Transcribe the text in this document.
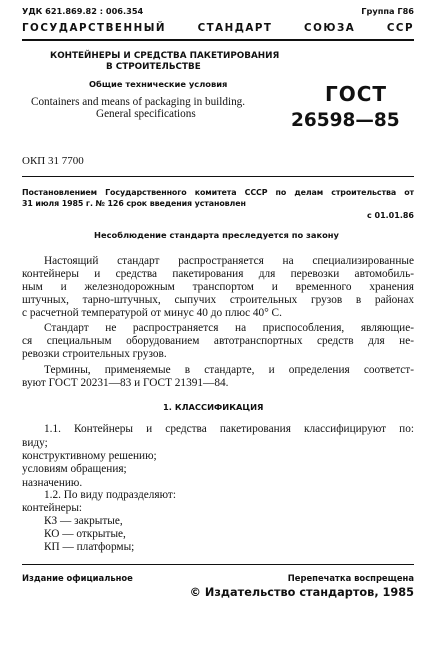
УДК 621.869.82 : 006.354	Группа Г86
ГОСУДАРСТВЕННЫЙ СТАНДАРТ СОЮЗА ССР
КОНТЕЙНЕРЫ И СРЕДСТВА ПАКЕТИРОВАНИЯ
В СТРОИТЕЛЬСТВЕ
Общие технические условия
Containers and means of packaging in building.
General specifications
ГОСТ
26598—85
ОКП 31 7700
Постановлением Государственного комитета СССР по делам строительства от
31 июля 1985 г. № 126 срок введения установлен
с 01.01.86
Несоблюдение стандарта преследуется по закону
Настоящий стандарт распространяется на специализированные
контейнеры и средства пакетирования для перевозки автомобиль-
ным и железнодорожным транспортом и временного хранения
штучных, тарно-штучных, сыпучих строительных грузов в районах
с расчетной температурой от минус 40 до плюс 40° С.
Стандарт не распространяется на приспособления, являющие-
ся специальным оборудованием автотранспортных средств для не-
ревозки строительных грузов.
Термины, применяемые в стандарте, и определения соответст-
вуют ГОСТ 20231—83 и ГОСТ 21391—84.
1. КЛАССИФИКАЦИЯ
1.1. Контейнеры и средства пакетирования классифицируют по:
виду;
конструктивному решению;
условиям обращения;
назначению.
1.2. По виду подразделяют:
контейнеры:
КЗ — закрытые,
КО — открытые,
КП — платформы;
Издание официальное	Перепечатка воспрещена
© Издательство стандартов, 1985
